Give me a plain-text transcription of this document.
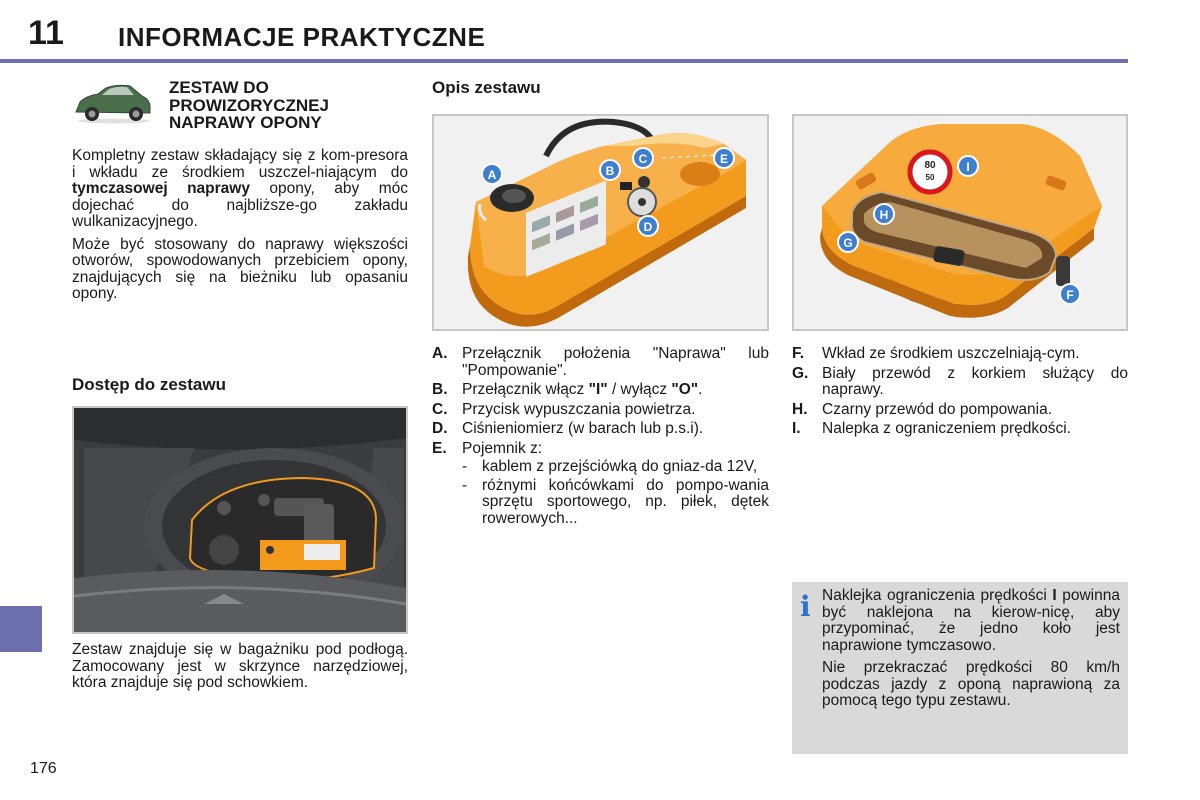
11 INFORMACJE PRAKTYCZNE
ZESTAW DO
PROWIZORYCZNEJ
NAPRAWY OPONY

Kompletny zestaw składający się z kom-presora i wkładu ze środkiem uszczel-niającym do tymczasowej naprawy opony, aby móc dojechać do najbliższe-go zakładu wulkanizacyjnego.

Może być stosowany do naprawy większości otworów, spowodowanych przebiciem opony, znajdujących się na bieżniku lub opasaniu opony.

Dostęp do zestawu
Zestaw znajduje się w bagażniku pod podłogą. Zamocowany jest w skrzynce narzędziowej, która znajduje się pod schowkiem.
Opis zestawu
A	B
C
D
E
A. Przełącznik położenia "Naprawa" lub "Pompowanie".
B. Przełącznik włącz "I" / wyłącz "O".
C. Przycisk wypuszczania powietrza.
D. Ciśnieniomierz (w barach lub p.s.i).
E. Pojemnik z:
- kablem z przejściówką do gniaz-da 12V,
- różnymi końcówkami do pompo-wania sprzętu sportowego, np. piłek, dętek rowerowych...
80
50
I
H
G
F
F. Wkład ze środkiem uszczelniają-cym.
G. Biały przewód z korkiem służący do naprawy.
H. Czarny przewód do pompowania.
I. Nalepka z ograniczeniem prędkości.
i Naklejka ograniczenia prędkości I powinna być naklejona na kierow-nicę, aby przypominać, że jedno koło jest naprawione tymczasowo.

Nie przekraczać prędkości 80 km/h podczas jazdy z oponą naprawioną za pomocą tego typu zestawu.

176
